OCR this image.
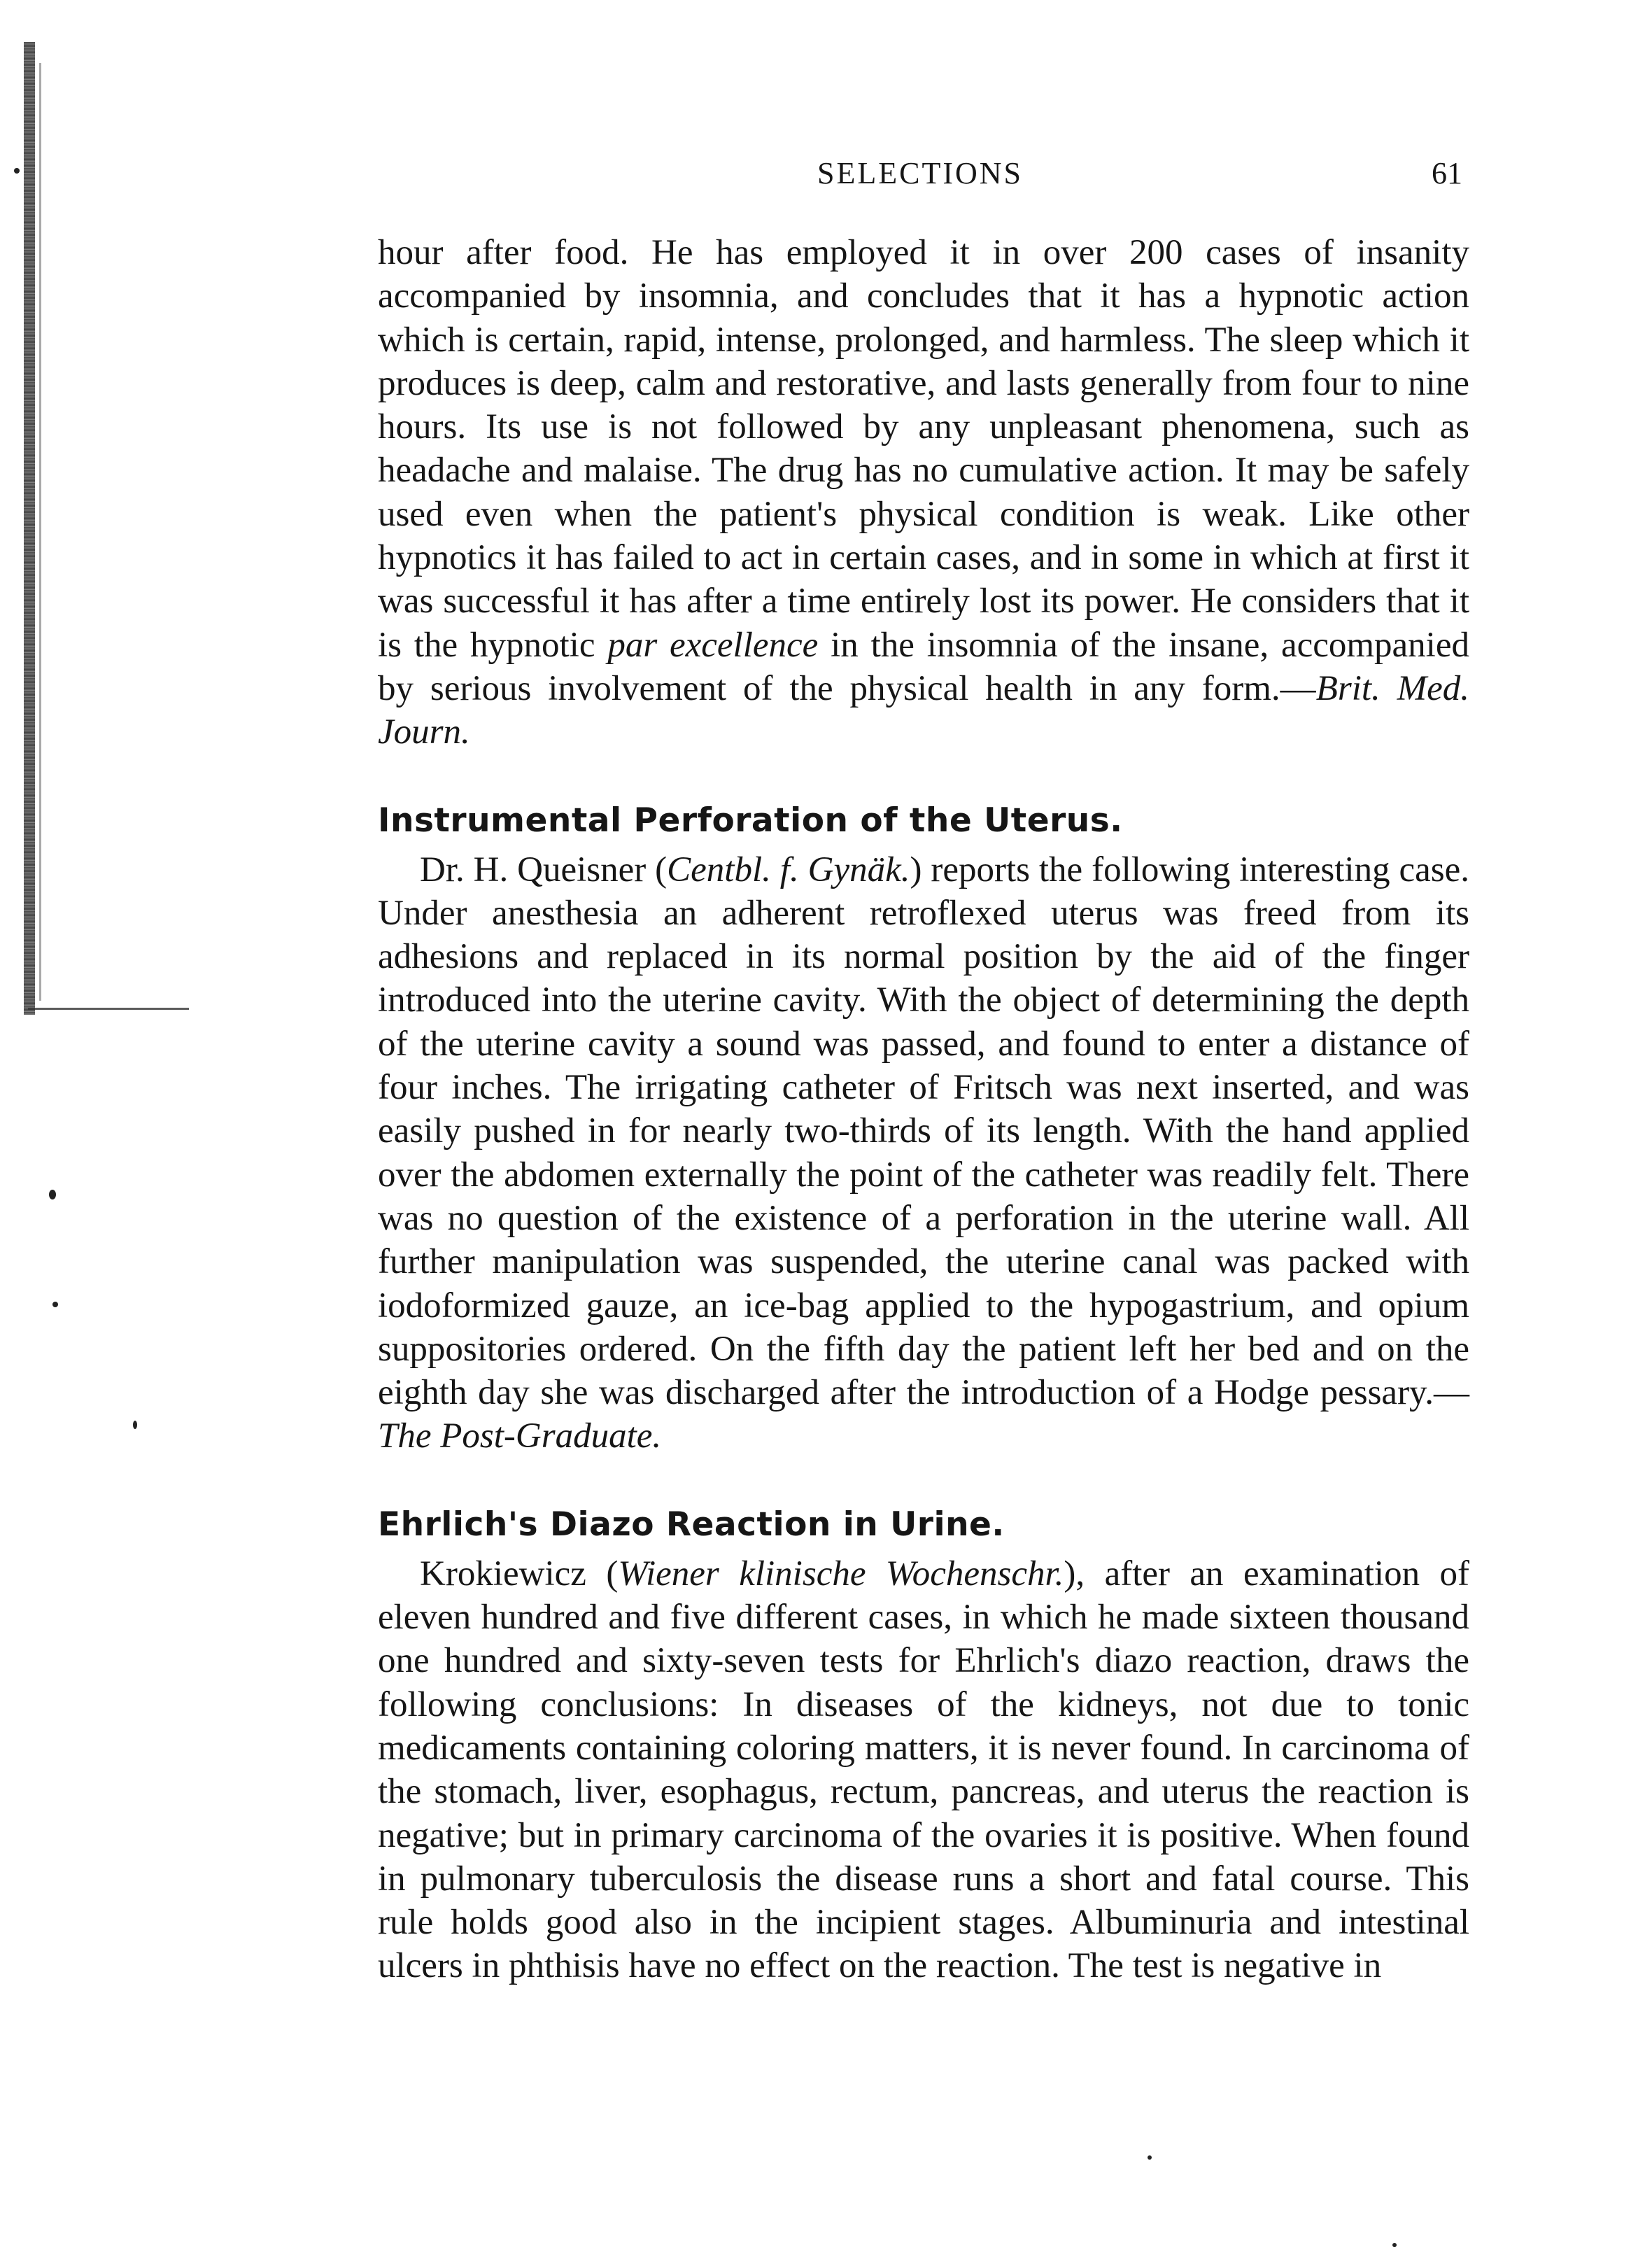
SELECTIONS	61

hour after food. He has employed it in over 200 cases of insanity accompanied by insomnia, and concludes that it has a hypnotic action which is certain, rapid, intense, prolonged, and harmless. The sleep which it produces is deep, calm and restorative, and lasts generally from four to nine hours. Its use is not followed by any unpleasant phenomena, such as headache and malaise. The drug has no cumulative action. It may be safely used even when the patient's physical condition is weak. Like other hypnotics it has failed to act in certain cases, and in some in which at first it was successful it has after a time entirely lost its power. He considers that it is the hypnotic par excellence in the insomnia of the insane, accompanied by serious involvement of the physical health in any form.—Brit. Med. Journ.

Instrumental Perforation of the Uterus.

Dr. H. Queisner (Centbl. f. Gynäk.) reports the following interesting case. Under anesthesia an adherent retroflexed uterus was freed from its adhesions and replaced in its normal position by the aid of the finger introduced into the uterine cavity. With the object of determining the depth of the uterine cavity a sound was passed, and found to enter a distance of four inches. The irrigating catheter of Fritsch was next inserted, and was easily pushed in for nearly two-thirds of its length. With the hand applied over the abdomen externally the point of the catheter was readily felt. There was no question of the existence of a perforation in the uterine wall. All further manipulation was suspended, the uterine canal was packed with iodoformized gauze, an ice-bag applied to the hypogastrium, and opium suppositories ordered. On the fifth day the patient left her bed and on the eighth day she was discharged after the introduction of a Hodge pessary.—The Post-Graduate.

Ehrlich's Diazo Reaction in Urine.

Krokiewicz (Wiener klinische Wochenschr.), after an examination of eleven hundred and five different cases, in which he made sixteen thousand one hundred and sixty-seven tests for Ehrlich's diazo reaction, draws the following conclusions: In diseases of the kidneys, not due to tonic medicaments containing coloring matters, it is never found. In carcinoma of the stomach, liver, esophagus, rectum, pancreas, and uterus the reaction is negative; but in primary carcinoma of the ovaries it is positive. When found in pulmonary tuberculosis the disease runs a short and fatal course. This rule holds good also in the incipient stages. Albuminuria and intestinal ulcers in phthisis have no effect on the reaction. The test is negative in
